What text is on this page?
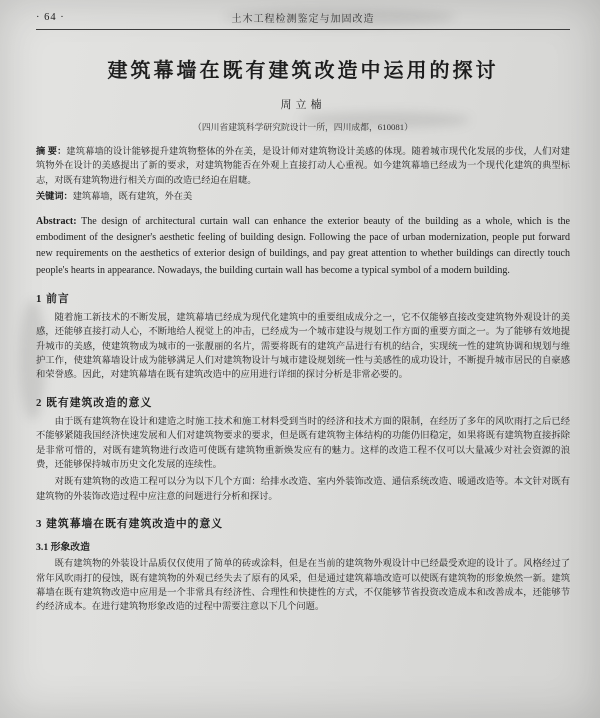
· 64 ·	土木工程检测鉴定与加固改造
建筑幕墙在既有建筑改造中运用的探讨
周立楠
（四川省建筑科学研究院设计一所，四川成都，610081）

摘 要：建筑幕墙的设计能够提升建筑物整体的外在美，是设计师对建筑物设计美感的体现。随着城市现代化发展的步伐，人们对建筑物外在设计的美感提出了新的要求，对建筑物能否在外观上直接打动人心重视。如今建筑幕墙已经成为一个现代化建筑的典型标志，对既有建筑物进行相关方面的改造已经迫在眉睫。

关键词：建筑幕墙，既有建筑，外在美

Abstract: The design of architectural curtain wall can enhance the exterior beauty of the building as a whole, which is the embodiment of the designer's aesthetic feeling of building design. Following the pace of urban modernization, people put forward new requirements on the aesthetics of exterior design of buildings, and pay great attention to whether buildings can directly touch people's hearts in appearance. Nowadays, the building curtain wall has become a typical symbol of a modern building.

1 前言

随着施工新技术的不断发展，建筑幕墙已经成为现代化建筑中的重要组成成分之一，它不仅能够直接改变建筑物外观设计的美感，还能够直接打动人心，不断地给人视觉上的冲击，已经成为一个城市建设与规划工作方面的重要方面之一。为了能够有效地提升城市的美感，使建筑物成为城市的一张靓丽的名片，需要将既有的建筑产品进行有机的结合，实现统一性的建筑协调和规划与维护工作，使建筑幕墙设计成为能够满足人们对建筑物设计与城市建设规划统一性与美感性的成功设计，不断提升城市居民的自豪感和荣誉感。因此，对建筑幕墙在既有建筑改造中的应用进行详细的探讨分析是非常必要的。

2 既有建筑改造的意义

由于既有建筑物在设计和建造之时施工技术和施工材料受到当时的经济和技术方面的限制，在经历了多年的风吹雨打之后已经不能够紧随我国经济快速发展和人们对建筑物要求的要求，但是既有建筑物主体结构的功能仍旧稳定，如果将既有建筑物直接拆除是非常可惜的，对既有建筑物进行改造可使既有建筑物重新焕发应有的魅力。这样的改造工程不仅可以大量减少对社会资源的浪费，还能够保持城市历史文化发展的连续性。

对既有建筑物的改造工程可以分为以下几个方面：给排水改造、室内外装饰改造、通信系统改造、暖通改造等。本文针对既有建筑物的外装饰改造过程中应注意的问题进行分析和探讨。

3 建筑幕墙在既有建筑改造中的意义
3.1 形象改造

既有建筑物的外装设计品质仅仅使用了简单的砖或涂料，但是在当前的建筑物外观设计中已经最受欢迎的设计了。风格经过了常年风吹雨打的侵蚀，既有建筑物的外观已经失去了原有的风采，但是通过建筑幕墙改造可以使既有建筑物的形象焕然一新。建筑幕墙在既有建筑物改造中应用是一个非常具有经济性、合理性和快捷性的方式，不仅能够节省投资改造成本和改善成本，还能够节约经济成本。在进行建筑物形象改造的过程中需要注意以下几个问题。
